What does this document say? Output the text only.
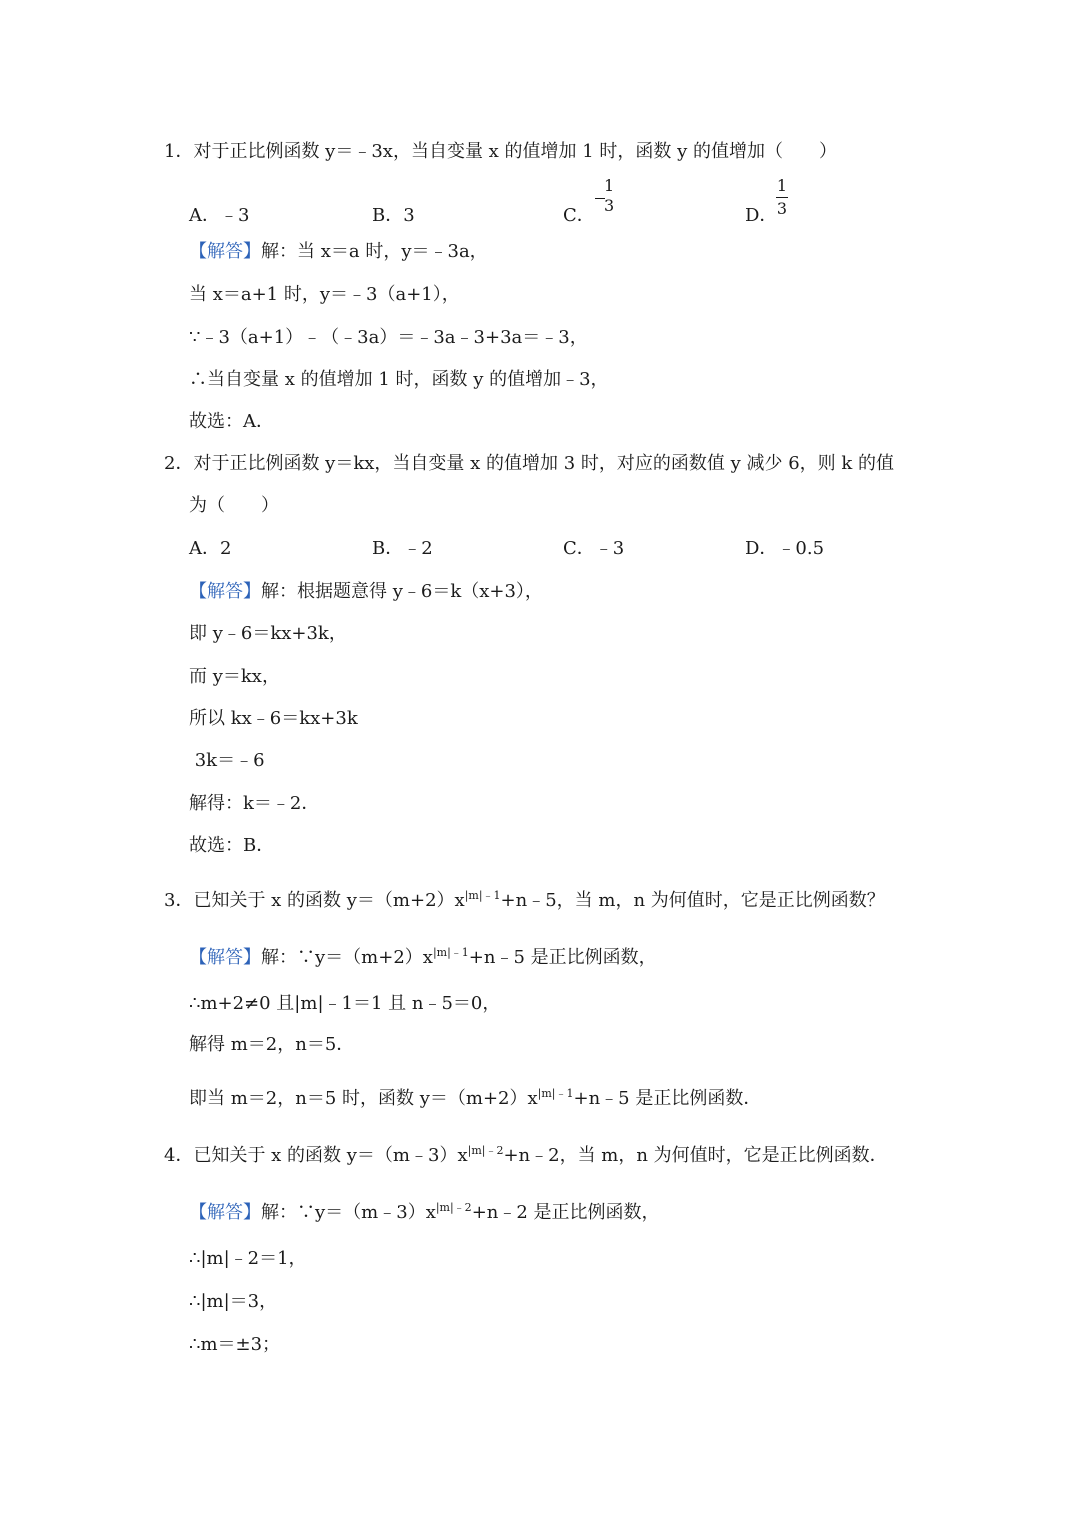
1．对于正比例函数 y＝﹣3x，当自变量 x 的值增加 1 时，函数 y 的值增加（　　）
A．﹣3	B．3	C．
1
3	D．
1
3
【解答】解：当 x＝a 时，y＝﹣3a，
当 x＝a+1 时，y＝﹣3（a+1），
∵﹣3（a+1）﹣（﹣3a）＝﹣3a﹣3+3a＝﹣3，
∴当自变量 x 的值增加 1 时，函数 y 的值增加﹣3，
故选：A．
2．对于正比例函数 y＝kx，当自变量 x 的值增加 3 时，对应的函数值 y 减少 6，则 k 的值
为（　　）
A．2	B．﹣2	C．﹣3	D．﹣0.5
【解答】解：根据题意得 y﹣6＝k（x+3），
即 y﹣6＝kx+3k，
而 y＝kx，
所以 kx﹣6＝kx+3k
3k＝﹣6
解得：k＝﹣2．
故选：B．
3．已知关于 x 的函数 $y=(m+2)x^{|m|﹣1}+n﹣5$，当 m，n 为何值时，它是正比例函数？
【解答】解：$\because y=(m+2)x^{|m|﹣1}+n﹣5$ 是正比例函数，
∴m+2≠0 且|m|﹣1＝1 且 n﹣5＝0，
解得 m＝2，n＝5．
即当 m＝2，n＝5 时，函数 $y=(m+2)x^{|m|﹣1}+n﹣5$ 是正比例函数．
4．已知关于 x 的函数 $y=(m﹣3)x^{|m|﹣2}+n﹣2$，当 m，n 为何值时，它是正比例函数．
【解答】解：$\because y=(m﹣3)x^{|m|﹣2}+n﹣2$ 是正比例函数，
∴|m|﹣2＝1，
∴|m|＝3，
∴m＝±3；
